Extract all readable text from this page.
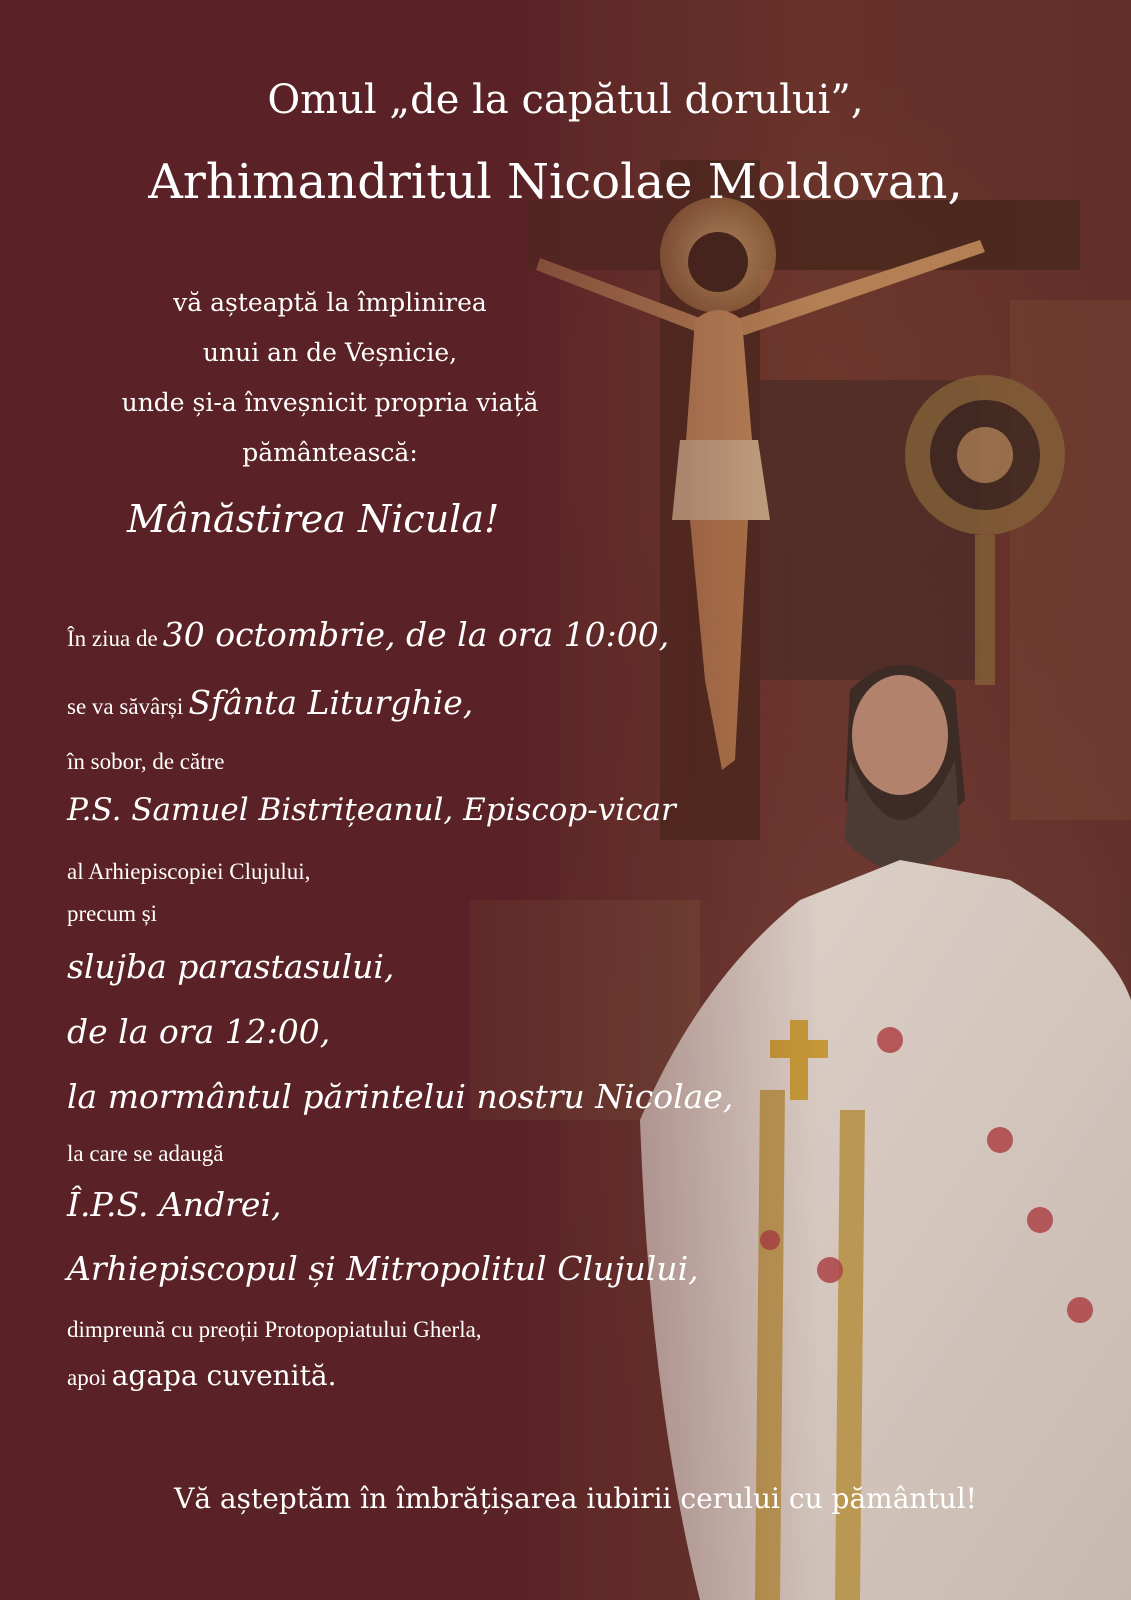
Omul „de la capătul dorului”,

Arhimandritul Nicolae Moldovan,

vă așteaptă la împlinirea

unui an de Veșnicie,

unde și-a înveșnicit propria viață

pământească:

Mânăstirea Nicula!

În ziua de 30 octombrie, de la ora 10:00,

se va săvârși Sfânta Liturghie,

în sobor, de către

P.S. Samuel Bistrițeanul, Episcop-vicar

al Arhiepiscopiei Clujului,

precum și

slujba parastasului,

de la ora 12:00,

la mormântul părintelui nostru Nicolae,

la care se adaugă

Î.P.S. Andrei,

Arhiepiscopul și Mitropolitul Clujului,

dimpreună cu preoții Protopopiatului Gherla,

apoi agapa cuvenită.

Vă așteptăm în îmbrățișarea iubirii cerului cu pământul!
